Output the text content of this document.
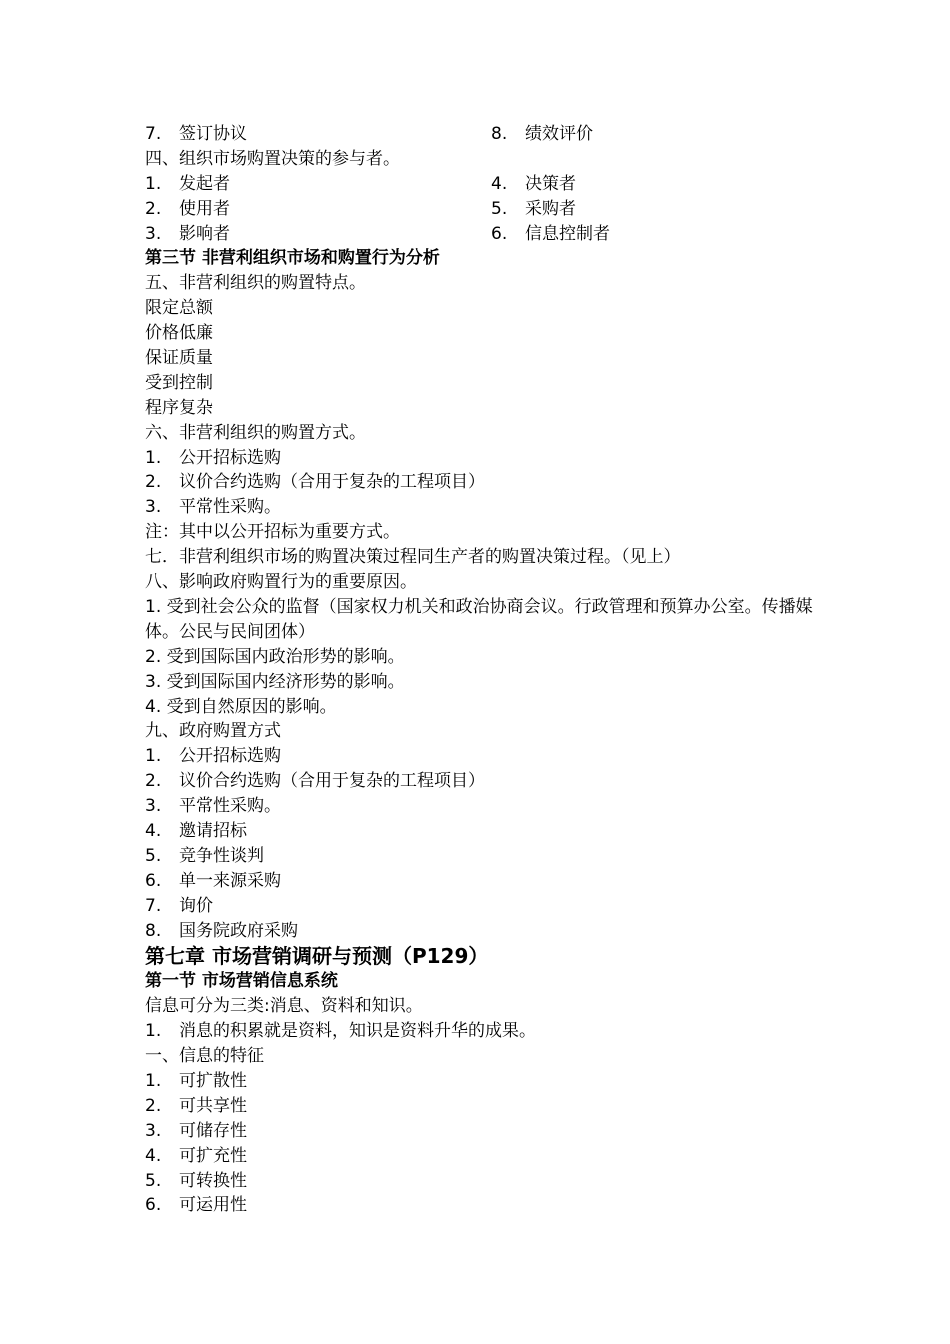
7. 签订协议	8. 绩效评价
四、组织市场购置决策的参与者。
1. 发起者	4. 决策者
2. 使用者	5. 采购者
3. 影响者	6. 信息控制者
第三节 非营利组织市场和购置行为分析
五、非营利组织的购置特点。
限定总额
价格低廉
保证质量
受到控制
程序复杂
六、非营利组织的购置方式。
1. 公开招标选购
2. 议价合约选购（合用于复杂的工程项目）
3. 平常性采购。
注：其中以公开招标为重要方式。
七．非营利组织市场的购置决策过程同生产者的购置决策过程。（见上）
八、影响政府购置行为的重要原因。
1. 受到社会公众的监督（国家权力机关和政治协商会议。行政管理和预算办公室。传播媒体。公民与民间团体）
2. 受到国际国内政治形势的影响。
3. 受到国际国内经济形势的影响。
4. 受到自然原因的影响。
九、政府购置方式
1. 公开招标选购
2. 议价合约选购（合用于复杂的工程项目）
3. 平常性采购。
4. 邀请招标
5. 竞争性谈判
6. 单一来源采购
7. 询价
8. 国务院政府采购
第七章 市场营销调研与预测（P129）
第一节 市场营销信息系统
信息可分为三类:消息、资料和知识。
1. 消息的积累就是资料，知识是资料升华的成果。
一、信息的特征
1. 可扩散性
2. 可共享性
3. 可储存性
4. 可扩充性
5. 可转换性
6. 可运用性
